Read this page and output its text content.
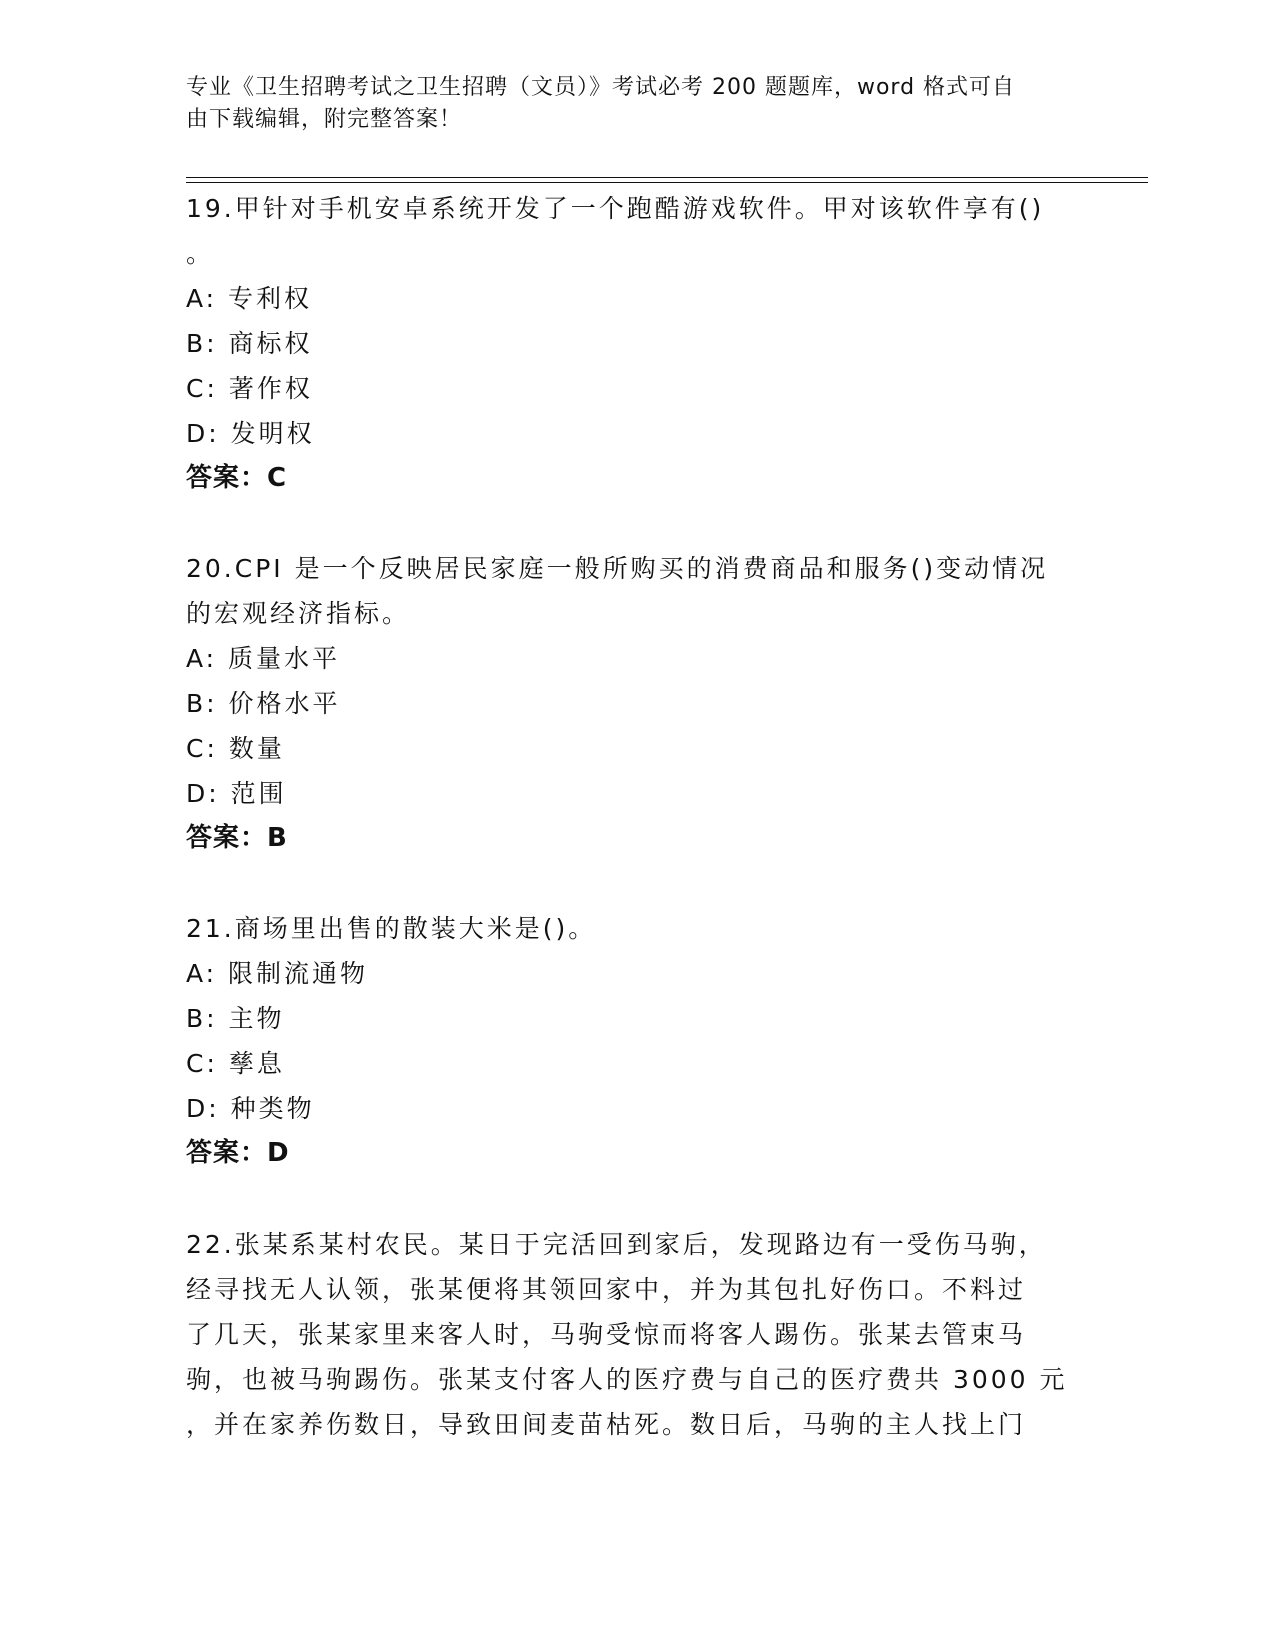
专业《卫生招聘考试之卫生招聘（文员）》考试必考 200 题题库，word 格式可自
由下载编辑，附完整答案！
19.甲针对手机安卓系统开发了一个跑酷游戏软件。甲对该软件享有()
。
A: 专利权
B: 商标权
C: 著作权
D: 发明权
答案：C
20.CPI 是一个反映居民家庭一般所购买的消费商品和服务()变动情况
的宏观经济指标。
A: 质量水平
B: 价格水平
C: 数量
D: 范围
答案：B
21.商场里出售的散装大米是()。
A: 限制流通物
B: 主物
C: 孳息
D: 种类物
答案：D
22.张某系某村农民。某日于完活回到家后，发现路边有一受伤马驹，
经寻找无人认领，张某便将其领回家中，并为其包扎好伤口。不料过
了几天，张某家里来客人时，马驹受惊而将客人踢伤。张某去管束马
驹，也被马驹踢伤。张某支付客人的医疗费与自己的医疗费共 3000 元
，并在家养伤数日，导致田间麦苗枯死。数日后，马驹的主人找上门
